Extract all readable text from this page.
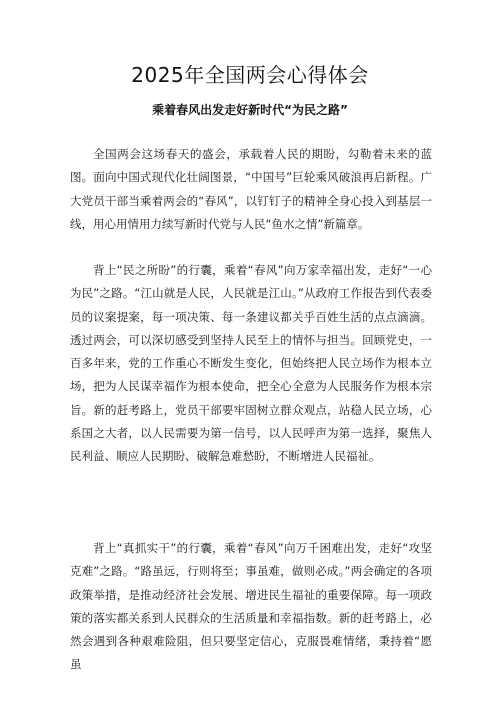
2025年全国两会心得体会
乘着春风出发走好新时代“为民之路”

全国两会这场春天的盛会，承载着人民的期盼，勾勒着未来的蓝图。面向中国式现代化壮阔图景，“中国号”巨轮乘风破浪再启新程。广大党员干部当乘着两会的“春风”，以钉钉子的精神全身心投入到基层一线，用心用情用力续写新时代党与人民“鱼水之情”新篇章。

背上“民之所盼”的行囊，乘着“春风”向万家幸福出发，走好“一心为民”之路。“江山就是人民，人民就是江山。”从政府工作报告到代表委员的议案提案，每一项决策、每一条建议都关乎百姓生活的点点滴滴。透过两会，可以深切感受到坚持人民至上的情怀与担当。回顾党史，一百多年来，党的工作重心不断发生变化，但始终把人民立场作为根本立场，把为人民谋幸福作为根本使命，把全心全意为人民服务作为根本宗旨。新的赶考路上，党员干部要牢固树立群众观点，站稳人民立场，心系国之大者，以人民需要为第一信号，以人民呼声为第一选择，聚焦人民利益、顺应人民期盼、破解急难愁盼，不断增进人民福祉。

背上“真抓实干”的行囊，乘着“春风”向万千困难出发，走好“攻坚克难”之路。“路虽远，行则将至；事虽难，做则必成。”两会确定的各项政策举措，是推动经济社会发展、增进民生福祉的重要保障。每一项政策的落实都关系到人民群众的生活质量和幸福指数。新的赶考路上，必然会遇到各种艰难险阻，但只要坚定信心，克服畏难情绪，秉持着“愿虽
